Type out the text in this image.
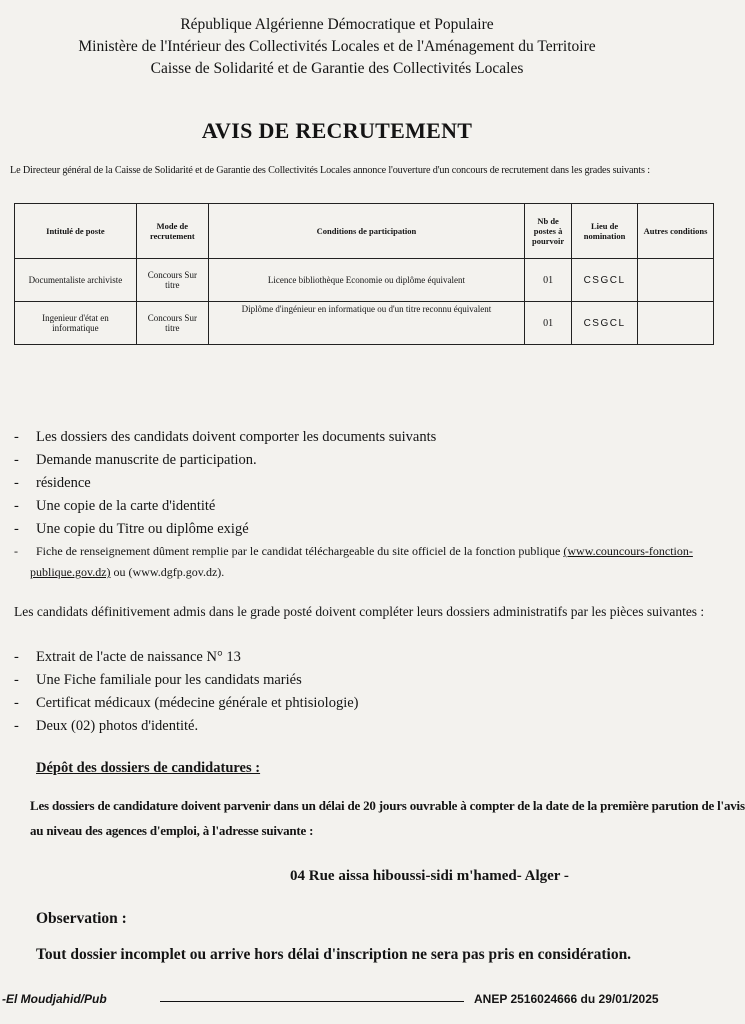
République Algérienne Démocratique et Populaire
Ministère de l'Intérieur des Collectivités Locales et de l'Aménagement du Territoire
Caisse de Solidarité et de Garantie des Collectivités Locales
AVIS DE RECRUTEMENT
Le Directeur général de la Caisse de Solidarité et de Garantie des Collectivités Locales annonce l'ouverture d'un concours de recrutement dans les grades suivants :
Intitulé de poste	Mode de recrutement	Conditions de participation	Nb de postes à pourvoir	Lieu de nomination	Autres conditions
Documentaliste archiviste	Concours Sur titre	Licence bibliothèque Economie ou diplôme équivalent	01	CSGCL	
Ingenieur d'état en informatique	Concours Sur titre	Diplôme d'ingénieur en informatique ou d'un titre reconnu équivalent	01	CSGCL	
- Les dossiers des candidats doivent comporter les documents suivants
- Demande manuscrite de participation.
- résidence
- Une copie de la carte d'identité
- Une copie du Titre ou diplôme exigé
- Fiche de renseignement dûment remplie par le candidat téléchargeable du site officiel de la fonction publique (www.councours-fonction-
publique.gov.dz) ou (www.dgfp.gov.dz).
Les candidats définitivement admis dans le grade posté doivent compléter leurs dossiers administratifs par les pièces suivantes :
- Extrait de l'acte de naissance N° 13
- Une Fiche familiale pour les candidats mariés
- Certificat médicaux (médecine générale et phtisiologie)
- Deux (02) photos d'identité.
Dépôt des dossiers de candidatures :
Les dossiers de candidature doivent parvenir dans un délai de 20 jours ouvrable à compter de la date de la première parution de l'avis
au niveau des agences d'emploi, à l'adresse suivante :
04 Rue aissa hiboussi-sidi m'hamed- Alger -
Observation :
Tout dossier incomplet ou arrive hors délai d'inscription ne sera pas pris en considération.
-El Moudjahid/Pub	ANEP 2516024666 du 29/01/2025
